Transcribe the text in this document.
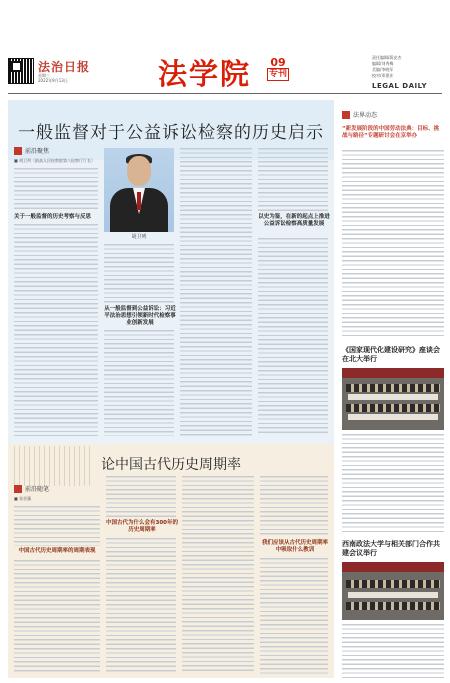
法治日报
星期三
2022年9月13日	法学院	09
专刊
责任编辑/蒋安杰
编辑/刘秀梅
美编/李晓军
校对/邓建业
LEGAL DAILY
一般监督对于公益诉讼检察的历史启示
前沿聚焦
■ 胡卫列（最高人民检察院第八检察厅厅长）
关于一般监督的历史考察与反思
胡卫列
从一般监督到公益诉讼：习近平法治思想引领新时代检察事业创新发展
以史为鉴，在新的起点上推进公益诉讼检察高质量发展
论中国古代历史周期率
前沿随笔
■ 张晋藩
中国古代历史周期率的周期表现
中国古代为什么会有300年的历史周期率
我们应该从古代历史周期率中吸取什么教训
法界动态
“新发展阶段的中国劳动法典：目标、挑战与路径”专题研讨会在京举办
《国家现代化建设研究》座谈会在北大举行
西南政法大学与相关部门合作共建会议举行
